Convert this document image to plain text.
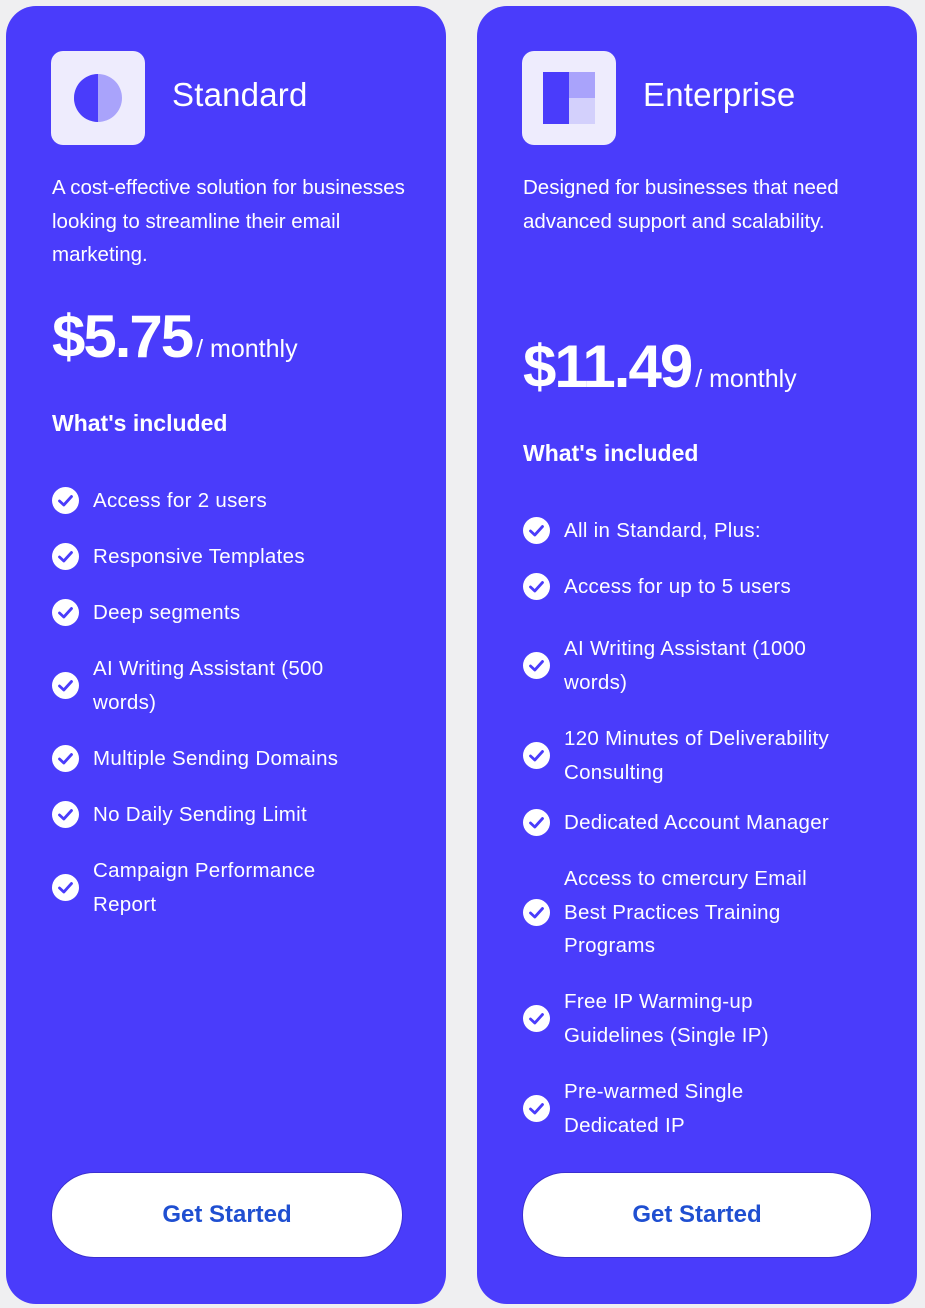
Standard
A cost-effective solution for businesses looking to streamline their email marketing.
$5.75 / monthly
What's included
Access for 2 users
Responsive Templates
Deep segments
AI Writing Assistant (500 words)
Multiple Sending Domains
No Daily Sending Limit
Campaign Performance Report
Get Started
Enterprise
Designed for businesses that need advanced support and scalability.
$11.49 / monthly
What's included
All in Standard, Plus:
Access for up to 5 users
AI Writing Assistant (1000 words)
120 Minutes of Deliverability Consulting
Dedicated Account Manager
Access to cmercury Email Best Practices Training Programs
Free IP Warming-up Guidelines (Single IP)
Pre-warmed Single Dedicated IP
Get Started
